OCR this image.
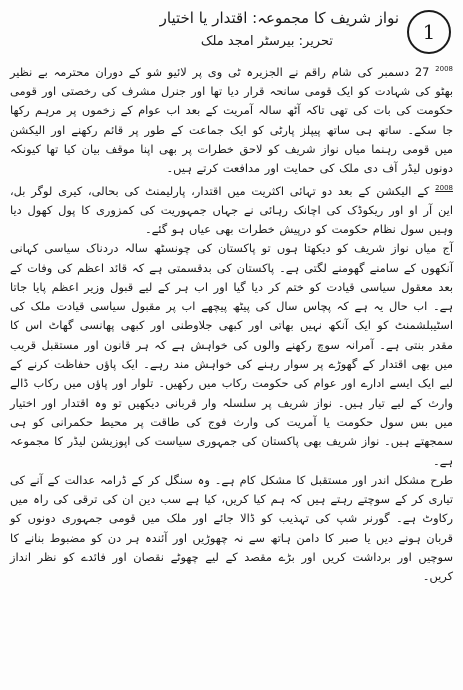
1
نواز شریف کا مجموعہ: اقتدار یا اختیار
تحریر: بیرسٹر امجد ملک

$^{2008}$ 27 دسمبر کی شام راقم نے الجزیرہ ٹی وی پر لائیو شو کے دوران محترمہ بے نظیر بھٹو کی شہادت کو ایک قومی سانحہ قرار دیا تھا اور جنرل مشرف کی رخصتی اور قومی حکومت کی بات کی تھی تاکہ آٹھ سالہ آمریت کے بعد اب عوام کے زخموں پر مرہم رکھا جا سکے۔ ساتھ ہی ساتھ پیپلز پارٹی کو ایک جماعت کے طور پر قائم رکھنے اور الیکشن میں قومی رہنما میاں نواز شریف کو لاحق خطرات پر بھی اپنا موقف بیان کیا تھا کیونکہ دونوں لیڈر آف دی ملک کی حمایت اور مدافعت کرتے ہیں۔

$^{2008}$ کے الیکشن کے بعد دو تہائی اکثریت میں اقتدار، پارلیمنٹ کی بحالی، کیری لوگر بل، این آر او اور ریکوڈک کی اچانک رہائی نے جہاں جمہوریت کی کمزوری کا پول کھول دیا وہیں سول نظام حکومت کو درپیش خطرات بھی عیاں ہو گئے۔

آج میاں نواز شریف کو دیکھتا ہوں تو پاکستان کی چونسٹھ سالہ دردناک سیاسی کہانی آنکھوں کے سامنے گھومنے لگتی ہے۔ پاکستان کی بدقسمتی ہے کہ قائد اعظم کی وفات کے بعد معقول سیاسی قیادت کو ختم کر دیا گیا اور اب ہر کے لیے قبول وزیر اعظم پایا جاتا ہے۔ اب حال یہ ہے کہ پچاس سال کی پیٹھ پیچھے اب پر مقبول سیاسی قیادت ملک کی اسٹیبلشمنٹ کو ایک آنکھ نہیں بھاتی اور کبھی جلاوطنی اور کبھی پھانسی گھاٹ اس کا مقدر بنتی ہے۔ آمرانہ سوچ رکھنے والوں کی خواہش ہے کہ ہر قانون اور مستقبل قریب میں بھی اقتدار کے گھوڑے پر سوار رہنے کی خواہش مند رہے۔ ایک پاؤں حفاظت کرنے کے لیے ایک ایسے ادارے اور عوام کی حکومت رکاب میں رکھیں۔ تلوار اور پاؤں میں رکاب ڈالے وارث کے لیے تیار ہیں۔ نواز شریف پر سلسلہ وار قربانی دیکھیں تو وہ اقتدار اور اختیار میں بس سول حکومت یا آمریت کی وارث فوج کی طاقت پر محیط حکمرانی کو ہی سمجھتے ہیں۔ نواز شریف بھی پاکستان کی جمہوری سیاست کی اپوزیشن لیڈر کا مجموعہ ہے۔

طرح مشکل اندر اور مستقبل کا مشکل کام ہے۔ وہ سنگل کر کے ڈرامہ عدالت کے آنے کی تیاری کر کے سوچتے رہتے ہیں کہ ہم کیا کریں، کیا ہے سب دین ان کی ترقی کی راہ میں رکاوٹ ہے۔ گورنر شپ کی تہذیب کو ڈالا جائے اور ملک میں قومی جمہوری دونوں کو قربان ہونے دیں یا صبر کا دامن ہاتھ سے نہ چھوڑیں اور آئندہ ہر دن کو مضبوط بنانے کا سوچیں اور برداشت کریں اور بڑے مقصد کے لیے چھوٹے نقصان اور فائدے کو نظر انداز کریں۔
